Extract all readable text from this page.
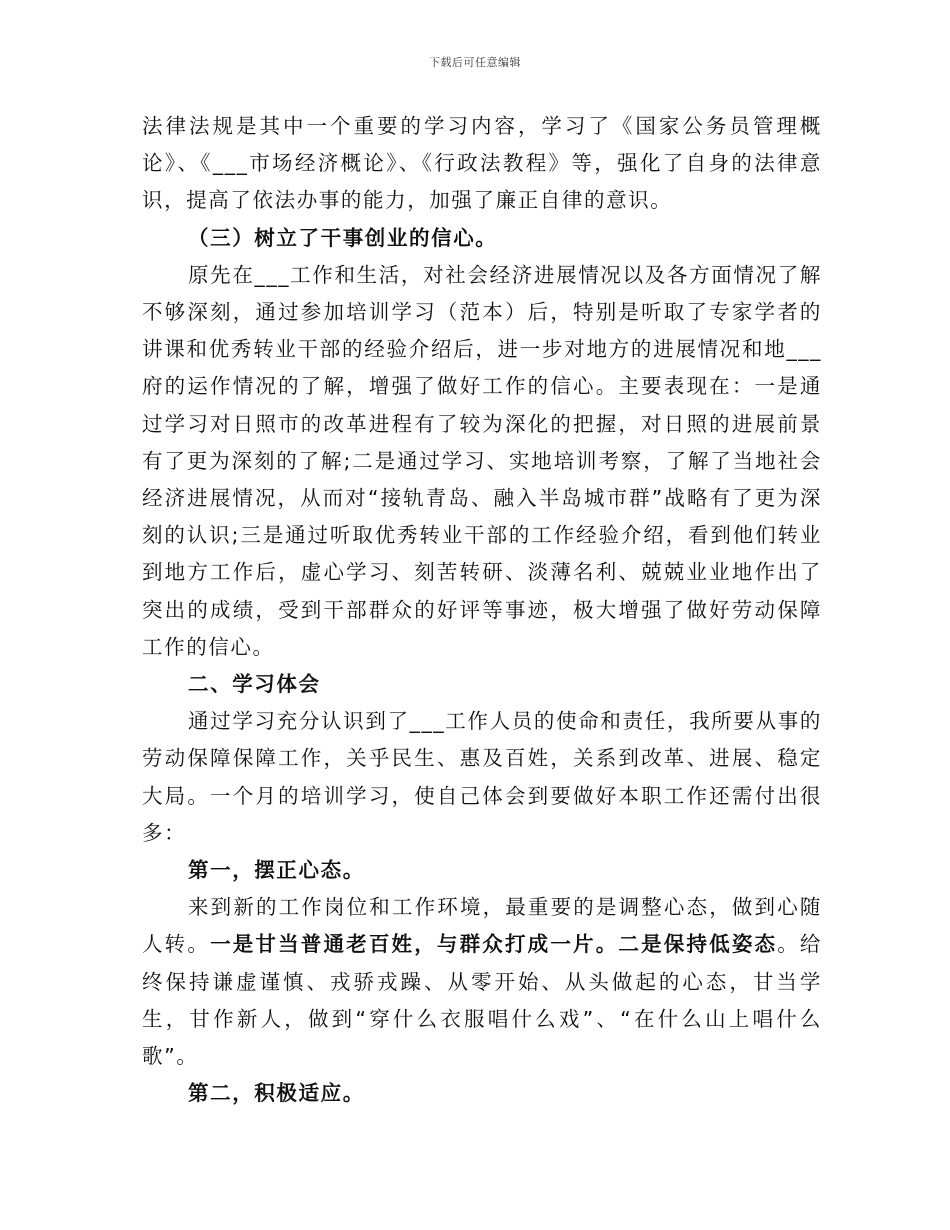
下载后可任意编辑

法律法规是其中一个重要的学习内容，学习了《国家公务员管理概论》、《___市场经济概论》、《行政法教程》等，强化了自身的法律意识，提高了依法办事的能力，加强了廉正自律的意识。

（三）树立了干事创业的信心。

原先在___工作和生活，对社会经济进展情况以及各方面情况了解不够深刻，通过参加培训学习（范本）后，特别是听取了专家学者的讲课和优秀转业干部的经验介绍后，进一步对地方的进展情况和地___府的运作情况的了解，增强了做好工作的信心。主要表现在：一是通过学习对日照市的改革进程有了较为深化的把握，对日照的进展前景有了更为深刻的了解;二是通过学习、实地培训考察，了解了当地社会经济进展情况，从而对“接轨青岛、融入半岛城市群”战略有了更为深刻的认识;三是通过听取优秀转业干部的工作经验介绍，看到他们转业到地方工作后，虚心学习、刻苦转研、淡薄名利、兢兢业业地作出了突出的成绩，受到干部群众的好评等事迹，极大增强了做好劳动保障工作的信心。

二、学习体会

通过学习充分认识到了___工作人员的使命和责任，我所要从事的劳动保障保障工作，关乎民生、惠及百姓，关系到改革、进展、稳定大局。一个月的培训学习，使自己体会到要做好本职工作还需付出很多：

第一，摆正心态。

来到新的工作岗位和工作环境，最重要的是调整心态，做到心随人转。一是甘当普通老百姓，与群众打成一片。二是保持低姿态。给终保持谦虚谨慎、戎骄戎躁、从零开始、从头做起的心态，甘当学生，甘作新人，做到“穿什么衣服唱什么戏”、“在什么山上唱什么歌”。

第二，积极适应。
